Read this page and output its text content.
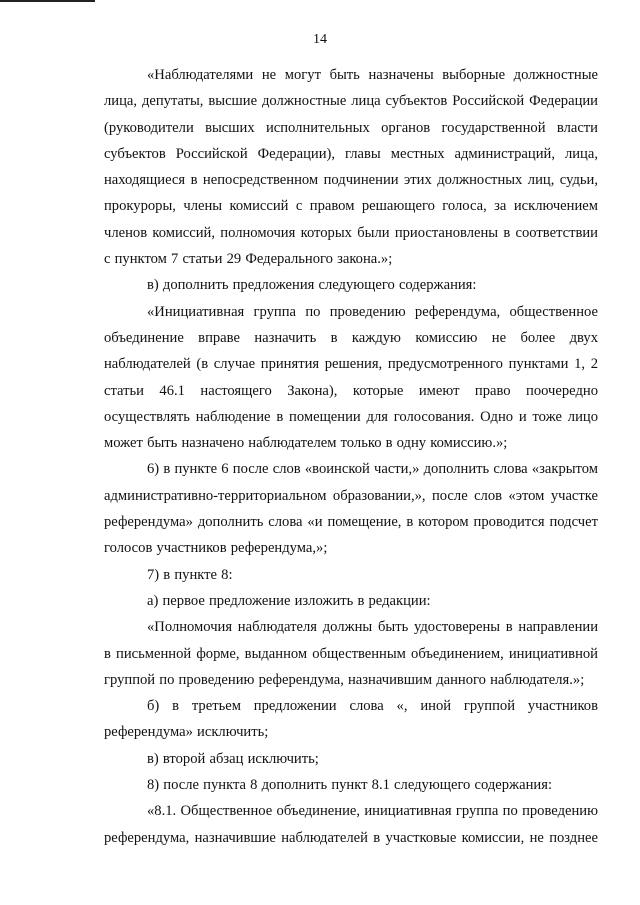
14

«Наблюдателями не могут быть назначены выборные должностные лица, депутаты, высшие должностные лица субъектов Российской Федерации (руководители высших исполнительных органов государственной власти субъектов Российской Федерации), главы местных администраций, лица, находящиеся в непосредственном подчинении этих должностных лиц, судьи, прокуроры, члены комиссий с правом решающего голоса, за исключением членов комиссий, полномочия которых были приостановлены в соответствии с пунктом 7 статьи 29 Федерального закона.»;

в) дополнить предложения следующего содержания:

«Инициативная группа по проведению референдума, общественное объединение вправе назначить в каждую комиссию не более двух наблюдателей (в случае принятия решения, предусмотренного пунктами 1, 2 статьи 46.1 настоящего Закона), которые имеют право поочередно осуществлять наблюдение в помещении для голосования. Одно и тоже лицо может быть назначено наблюдателем только в одну комиссию.»;

6) в пункте 6 после слов «воинской части,» дополнить слова «закрытом административно-территориальном образовании,», после слов «этом участке референдума» дополнить слова «и помещение, в котором проводится подсчет голосов участников референдума,»;

7) в пункте 8:

а) первое предложение изложить в редакции:

«Полномочия наблюдателя должны быть удостоверены в направлении в письменной форме, выданном общественным объединением, инициативной группой по проведению референдума, назначившим данного наблюдателя.»;

б) в третьем предложении слова «, иной группой участников референдума» исключить;

в) второй абзац исключить;

8) после пункта 8 дополнить пункт 8.1 следующего содержания:

«8.1. Общественное объединение, инициативная группа по проведению референдума, назначившие наблюдателей в участковые комиссии, не позднее
